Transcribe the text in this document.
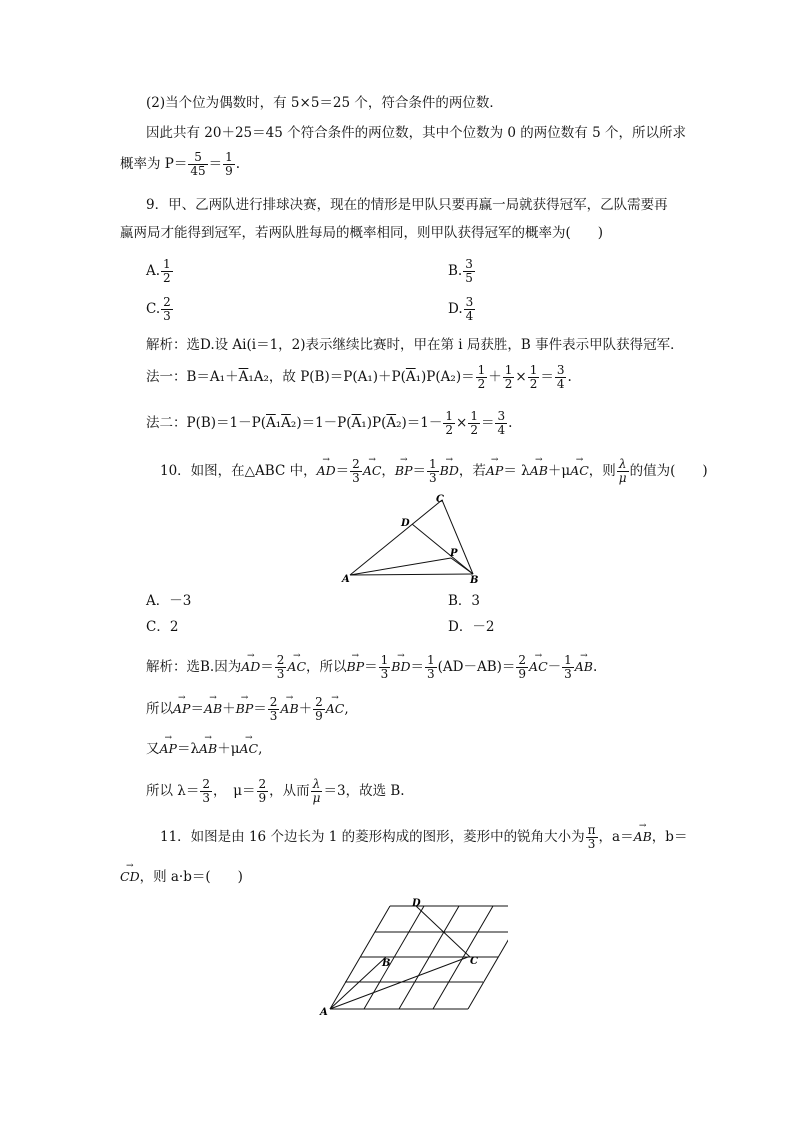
(2)当个位为偶数时，有 5×5＝25 个，符合条件的两位数．
因此共有 20＋25＝45 个符合条件的两位数，其中个位数为 0 的两位数有 5 个，所以所求
概率为 $P= \frac{5}{45} = \frac{1}{9}$ .
9．甲、乙两队进行排球决赛，现在的情形是甲队只要再赢一局就获得冠军，乙队需要再
赢两局才能得到冠军，若两队胜每局的概率相同，则甲队获得冠军的概率为(　　)
A. $\frac{1}{2}$	B. $\frac{3}{5}$
C. $\frac{2}{3}$	D. $\frac{3}{4}$
解析：选D.设 Ai(i＝1，2)表示继续比赛时，甲在第 i 局获胜，B 事件表示甲队获得冠军．
法一：$B=A_1+\overline{A}_1A_2$，故 $P(B)=P(A_1)+P(\overline{A}_1)P(A_2)= \frac{1}{2} + \frac{1}{2} \times \frac{1}{2} = \frac{3}{4}$ .
法二：$P(B)=1-P(\overline{A}_1\overline{A}_2)=1-P(\overline{A}_1)P(\overline{A}_2)=1- \frac{1}{2} \times \frac{1}{2} = \frac{3}{4}$ .
10．如图，在△ABC 中，→ $AD= \frac{2}{3}$ → AC，→ $BP= \frac{1}{3}$ → BD，若→ AP＝ λ→ AB＋μ→ AC，则 $\frac{\lambda}{\mu}$ 的值为(　　)
A	B
C
D
P
A．－3	B．3
C．2	D．－2
解析：选B.因为→ $AD= \frac{2}{3}$ → AC，所以→ $BP= \frac{1}{3} \to BD= \frac{1}{3} (AD-AB)= \frac{2}{9} \to AC- \frac{1}{3}$ → AB.
所以→ $AP=\to AB+\to BP= \frac{2}{3} \to AB+ \frac{2}{9}$ → AC,
又→ AP＝λ→ AB＋μ→ AC,
所以 $\lambda= \frac{2}{3}$ ，　$\mu= \frac{2}{9}$ ，从而 $\frac{\lambda}{\mu} =3$，故选 B.
11．如图是由 16 个边长为 1 的菱形构成的图形，菱形中的锐角大小为 $\frac{\pi}{3}$ ，a＝→ AB，b＝
→ CD，则 a·b＝(　　)
A
B	C
D
